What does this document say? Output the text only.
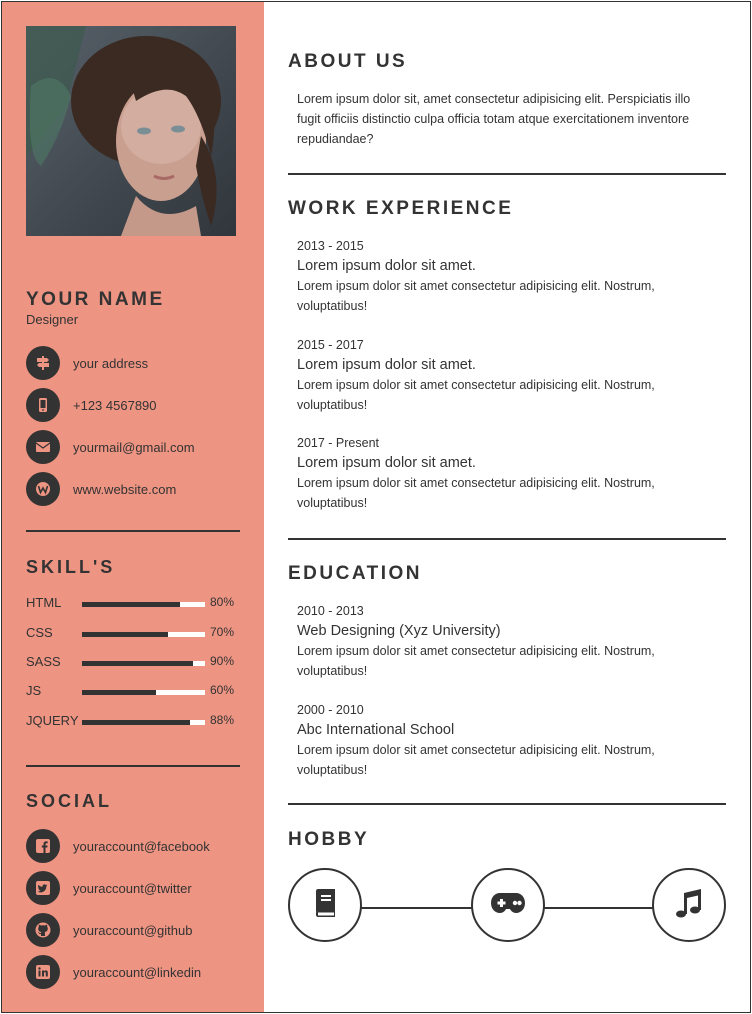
YOUR NAME
Designer
your address
+123 4567890
yourmail@gmail.com
www.website.com
SKILL'S
HTML	80%
CSS	70%
SASS	90%
JS	60%
JQUERY	88%
SOCIAL
youraccount@facebook
youraccount@twitter
youraccount@github
youraccount@linkedin
ABOUT US
Lorem ipsum dolor sit, amet consectetur adipisicing elit. Perspiciatis illo fugit officiis distinctio culpa officia totam atque exercitationem inventore repudiandae?
WORK EXPERIENCE
2013 - 2015
Lorem ipsum dolor sit amet.
Lorem ipsum dolor sit amet consectetur adipisicing elit. Nostrum, voluptatibus!
2015 - 2017
Lorem ipsum dolor sit amet.
Lorem ipsum dolor sit amet consectetur adipisicing elit. Nostrum, voluptatibus!
2017 - Present
Lorem ipsum dolor sit amet.
Lorem ipsum dolor sit amet consectetur adipisicing elit. Nostrum, voluptatibus!
EDUCATION
2010 - 2013
Web Designing (Xyz University)
Lorem ipsum dolor sit amet consectetur adipisicing elit. Nostrum, voluptatibus!
2000 - 2010
Abc International School
Lorem ipsum dolor sit amet consectetur adipisicing elit. Nostrum, voluptatibus!
HOBBY
